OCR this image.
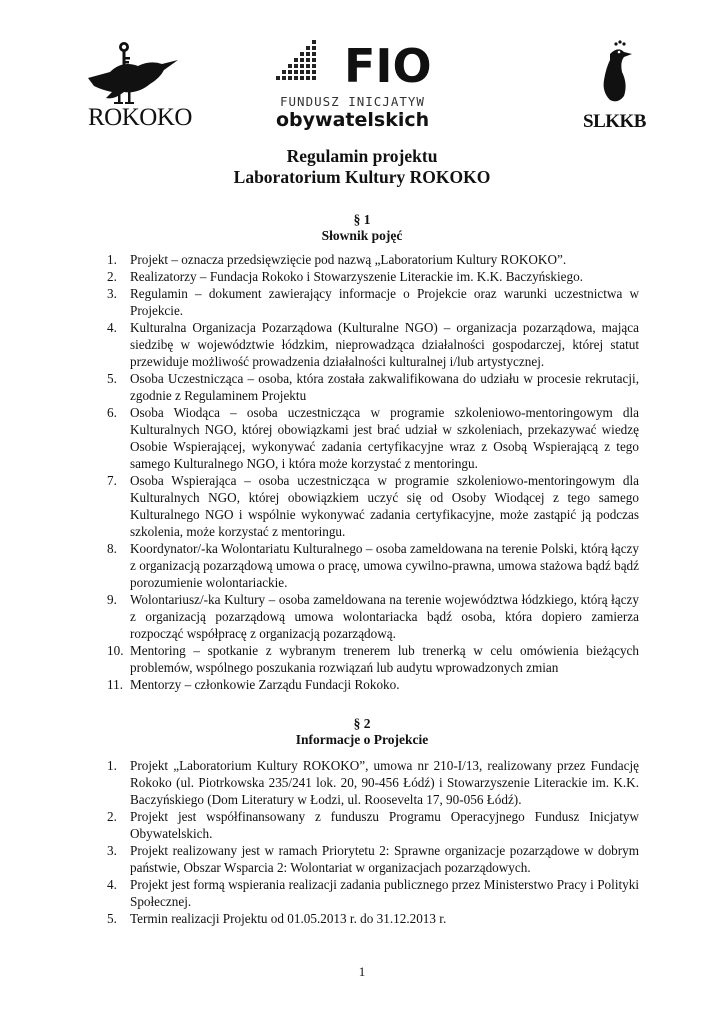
ROKOKO
FIO
FUNDUSZ INICJATYW
obywatelskich	SLKKB
Regulamin projektu
Laboratorium Kultury ROKOKO
§ 1
Słownik pojęć
1. Projekt – oznacza przedsięwzięcie pod nazwą „Laboratorium Kultury ROKOKO”.
2. Realizatorzy – Fundacja Rokoko i Stowarzyszenie Literackie im. K.K. Baczyńskiego.
3. Regulamin – dokument zawierający informacje o Projekcie oraz warunki uczestnictwa w Projekcie.
4. Kulturalna Organizacja Pozarządowa (Kulturalne NGO) – organizacja pozarządowa, mająca siedzibę w województwie łódzkim, nieprowadząca działalności gospodarczej, której statut przewiduje możliwość prowadzenia działalności kulturalnej i/lub artystycznej.
5. Osoba Uczestnicząca – osoba, która została zakwalifikowana do udziału w procesie rekrutacji, zgodnie z Regulaminem Projektu
6. Osoba Wiodąca – osoba uczestnicząca w programie szkoleniowo-mentoringowym dla Kulturalnych NGO, której obowiązkami jest brać udział w szkoleniach, przekazywać wiedzę Osobie Wspierającej, wykonywać zadania certyfikacyjne wraz z Osobą Wspierającą z tego samego Kulturalnego NGO, i która może korzystać z mentoringu.
7. Osoba Wspierająca – osoba uczestnicząca w programie szkoleniowo-mentoringowym dla Kulturalnych NGO, której obowiązkiem uczyć się od Osoby Wiodącej z tego samego Kulturalnego NGO i wspólnie wykonywać zadania certyfikacyjne, może zastąpić ją podczas szkolenia, może korzystać z mentoringu.
8. Koordynator/-ka Wolontariatu Kulturalnego – osoba zameldowana na terenie Polski, którą łączy z organizacją pozarządową umowa o pracę, umowa cywilno-prawna, umowa stażowa bądź bądź porozumienie wolontariackie.
9. Wolontariusz/-ka Kultury – osoba zameldowana na terenie województwa łódzkiego, którą łączy z organizacją pozarządową umowa wolontariacka bądź osoba, która dopiero zamierza rozpocząć współpracę z organizacją pozarządową.
10. Mentoring – spotkanie z wybranym trenerem lub trenerką w celu omówienia bieżących problemów, wspólnego poszukania rozwiązań lub audytu wprowadzonych zmian
11. Mentorzy – członkowie Zarządu Fundacji Rokoko.
§ 2
Informacje o Projekcie
1. Projekt „Laboratorium Kultury ROKOKO”, umowa nr 210-I/13, realizowany przez Fundację Rokoko (ul. Piotrkowska 235/241 lok. 20, 90-456 Łódź) i Stowarzyszenie Literackie im. K.K. Baczyńskiego (Dom Literatury w Łodzi, ul. Roosevelta 17, 90-056 Łódź).
2. Projekt jest współfinansowany z funduszu Programu Operacyjnego Fundusz Inicjatyw Obywatelskich.
3. Projekt realizowany jest w ramach Priorytetu 2: Sprawne organizacje pozarządowe w dobrym państwie, Obszar Wsparcia 2: Wolontariat w organizacjach pozarządowych.
4. Projekt jest formą wspierania realizacji zadania publicznego przez Ministerstwo Pracy i Polityki Społecznej.
5. Termin realizacji Projektu od 01.05.2013 r. do 31.12.2013 r.
1
